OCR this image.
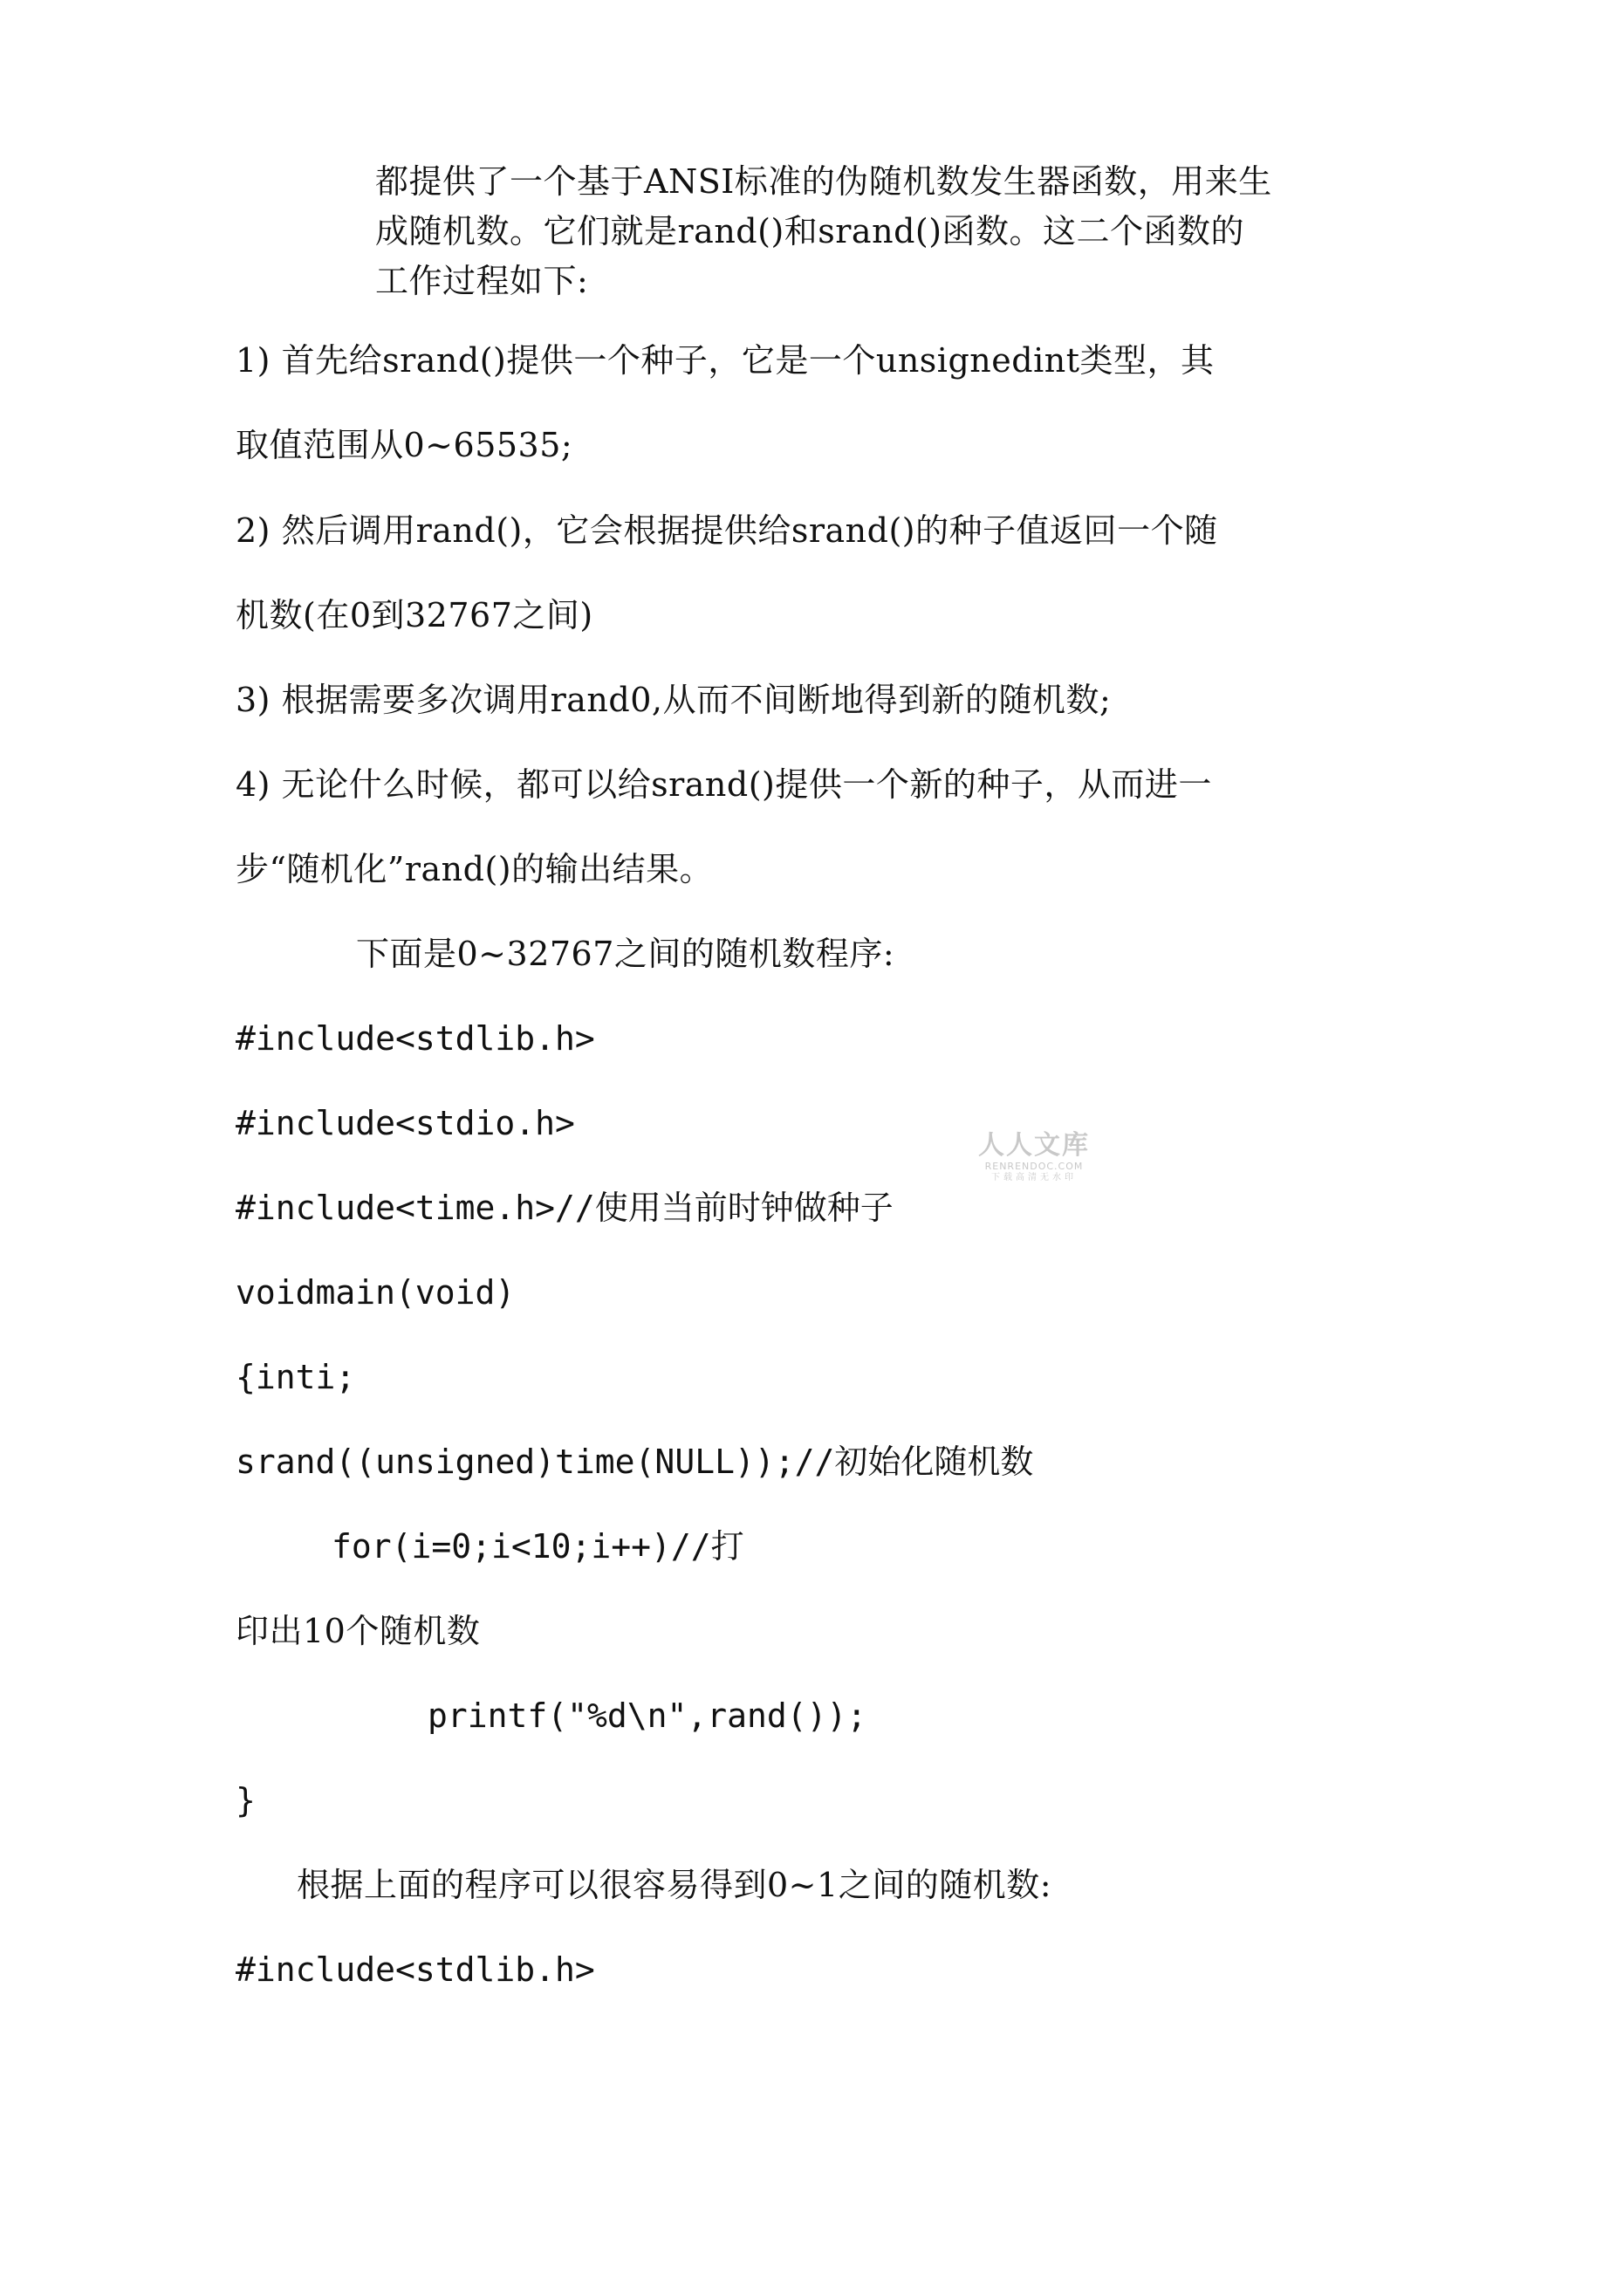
都提供了一个基于ANSI标准的伪随机数发生器函数，用来生
成随机数。它们就是rand()和srand()函数。这二个函数的
工作过程如下:
1) 首先给srand()提供一个种子，它是一个unsignedint类型，其
取值范围从0~65535;
2) 然后调用rand()，它会根据提供给srand()的种子值返回一个随
机数(在0到32767之间)
3) 根据需要多次调用rand0,从而不间断地得到新的随机数;
4) 无论什么时候，都可以给srand()提供一个新的种子，从而进一
步“随机化”rand()的输出结果。
下面是0~32767之间的随机数程序:
#include<stdlib.h>
#include<stdio.h>
#include<time.h>//使用当前时钟做种子
voidmain(void)
{inti;
srand((unsigned)time(NULL));//初始化随机数
for(i=0;i<10;i++)//打
印出10个随机数
printf("%d\n",rand());
}
根据上面的程序可以很容易得到0~1之间的随机数:
#include<stdlib.h>
人人文库
RENRENDOC.COM
下载高清无水印
